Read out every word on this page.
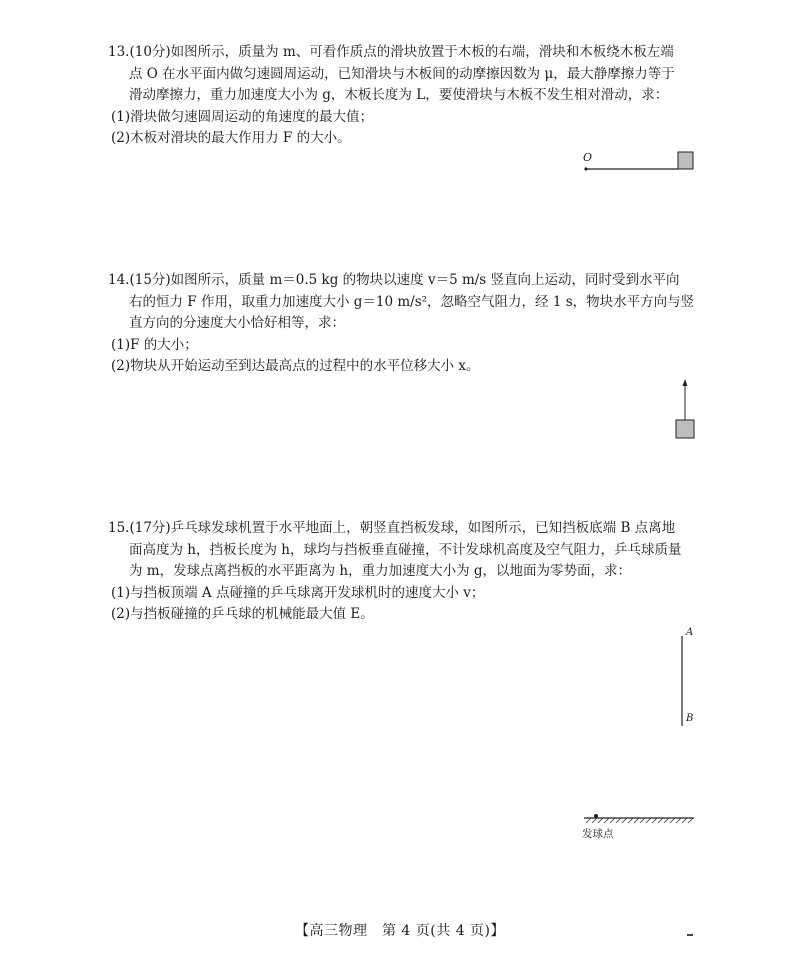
13.(10分)如图所示，质量为 m、可看作质点的滑块放置于木板的右端，滑块和木板绕木板左端
点 O 在水平面内做匀速圆周运动，已知滑块与木板间的动摩擦因数为 μ，最大静摩擦力等于
滑动摩擦力，重力加速度大小为 g，木板长度为 L，要使滑块与木板不发生相对滑动，求：
(1)滑块做匀速圆周运动的角速度的最大值；
(2)木板对滑块的最大作用力 F 的大小。
O
14.(15分)如图所示，质量 m＝0.5 kg 的物块以速度 v＝5 m/s 竖直向上运动，同时受到水平向
右的恒力 F 作用，取重力加速度大小 g＝10 m/s²，忽略空气阻力，经 1 s，物块水平方向与竖
直方向的分速度大小恰好相等，求：
(1)F 的大小；
(2)物块从开始运动至到达最高点的过程中的水平位移大小 x。
15.(17分)乒乓球发球机置于水平地面上，朝竖直挡板发球，如图所示，已知挡板底端 B 点离地
面高度为 h，挡板长度为 h，球均与挡板垂直碰撞，不计发球机高度及空气阻力，乒乓球质量
为 m，发球点离挡板的水平距离为 h，重力加速度大小为 g，以地面为零势面，求：
(1)与挡板顶端 A 点碰撞的乒乓球离开发球机时的速度大小 v；
(2)与挡板碰撞的乒乓球的机械能最大值 E。
A
B
发球点
【高三物理　第 4 页(共 4 页)】
